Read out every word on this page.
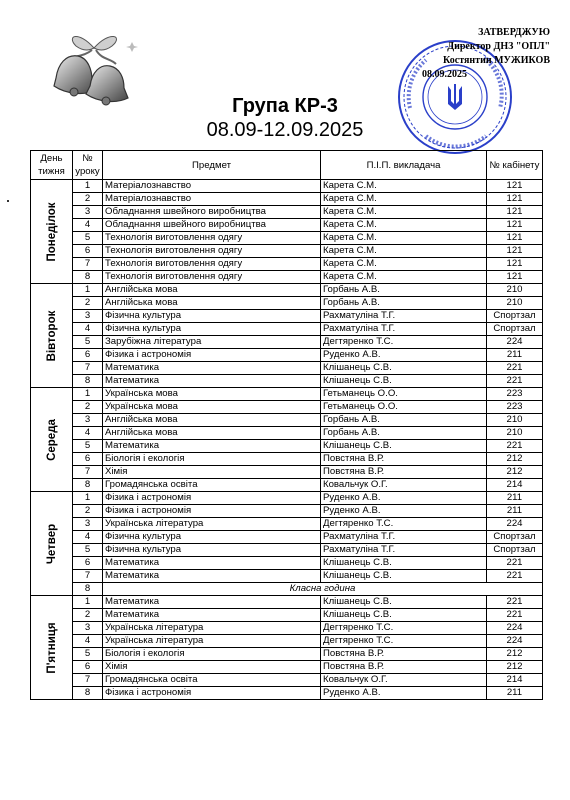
ЗАТВЕРДЖУЮ
Директор ДНЗ "ОПЛ"
Костянтин МУЖИКОВ
08.09.2025
Група КР-3
08.09-12.09.2025
День тижня	№ уроку	Предмет	П.І.П. викладача	№ кабінету

Понеділок	1	Матеріалознавство	Карета С.М.	121
	2	Матеріалознавство	Карета С.М.	121
	3	Обладнання швейного виробництва	Карета С.М.	121
	4	Обладнання швейного виробництва	Карета С.М.	121
	5	Технологія виготовлення одягу	Карета С.М.	121
	6	Технологія виготовлення одягу	Карета С.М.	121
	7	Технологія виготовлення одягу	Карета С.М.	121
	8	Технологія виготовлення одягу	Карета С.М.	121

Вівторок	1	Англійська мова	Горбань А.В.	210
	2	Англійська мова	Горбань А.В.	210
	3	Фізична культура	Рахматуліна Т.Г.	Спортзал
	4	Фізична культура	Рахматуліна Т.Г.	Спортзал
	5	Зарубіжна література	Дегтяренко Т.С.	224
	6	Фізика і астрономія	Руденко А.В.	211
	7	Математика	Клішанець С.В.	221
	8	Математика	Клішанець С.В.	221

Середа	1	Українська мова	Гетьманець О.О.	223
	2	Українська мова	Гетьманець О.О.	223
	3	Англійська мова	Горбань А.В.	210
	4	Англійська мова	Горбань А.В.	210
	5	Математика	Клішанець С.В.	221
	6	Біологія і екологія	Повстяна В.Р.	212
	7	Хімія	Повстяна В.Р.	212
	8	Громадянська освіта	Ковальчук О.Г.	214

Четвер	1	Фізика і астрономія	Руденко А.В.	211
	2	Фізика і астрономія	Руденко А.В.	211
	3	Українська література	Дегтяренко Т.С.	224
	4	Фізична культура	Рахматуліна Т.Г.	Спортзал
	5	Фізична культура	Рахматуліна Т.Г.	Спортзал
	6	Математика	Клішанець С.В.	221
	7	Математика	Клішанець С.В.	221
	8	Класна година		

П'ятниця	1	Математика	Клішанець С.В.	221
	2	Математика	Клішанець С.В.	221
	3	Українська література	Дегтяренко Т.С.	224
	4	Українська література	Дегтяренко Т.С.	224
	5	Біологія і екологія	Повстяна В.Р.	212
	6	Хімія	Повстяна В.Р.	212
	7	Громадянська освіта	Ковальчук О.Г.	214
	8	Фізика і астрономія	Руденко А.В.	211
